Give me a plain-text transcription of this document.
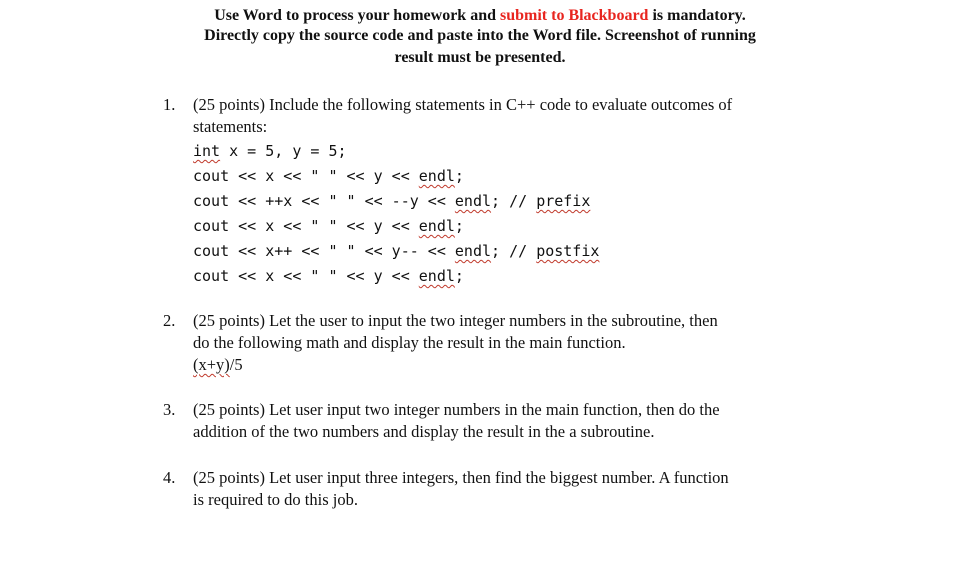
Use Word to process your homework and submit to Blackboard is mandatory.
Directly copy the source code and paste into the Word file. Screenshot of running
result must be presented.
1. (25 points) Include the following statements in C++ code to evaluate outcomes of
statements:
int x = 5, y = 5;
cout << x << " " << y << endl;
cout << ++x << " " << --y << endl; // prefix
cout << x << " " << y << endl;
cout << x++ << " " << y-- << endl; // postfix
cout << x << " " << y << endl;
2. (25 points) Let the user to input the two integer numbers in the subroutine, then
do the following math and display the result in the main function.
(x+y)/5
3. (25 points) Let user input two integer numbers in the main function, then do the
addition of the two numbers and display the result in the a subroutine.
4. (25 points) Let user input three integers, then find the biggest number. A function
is required to do this job.
